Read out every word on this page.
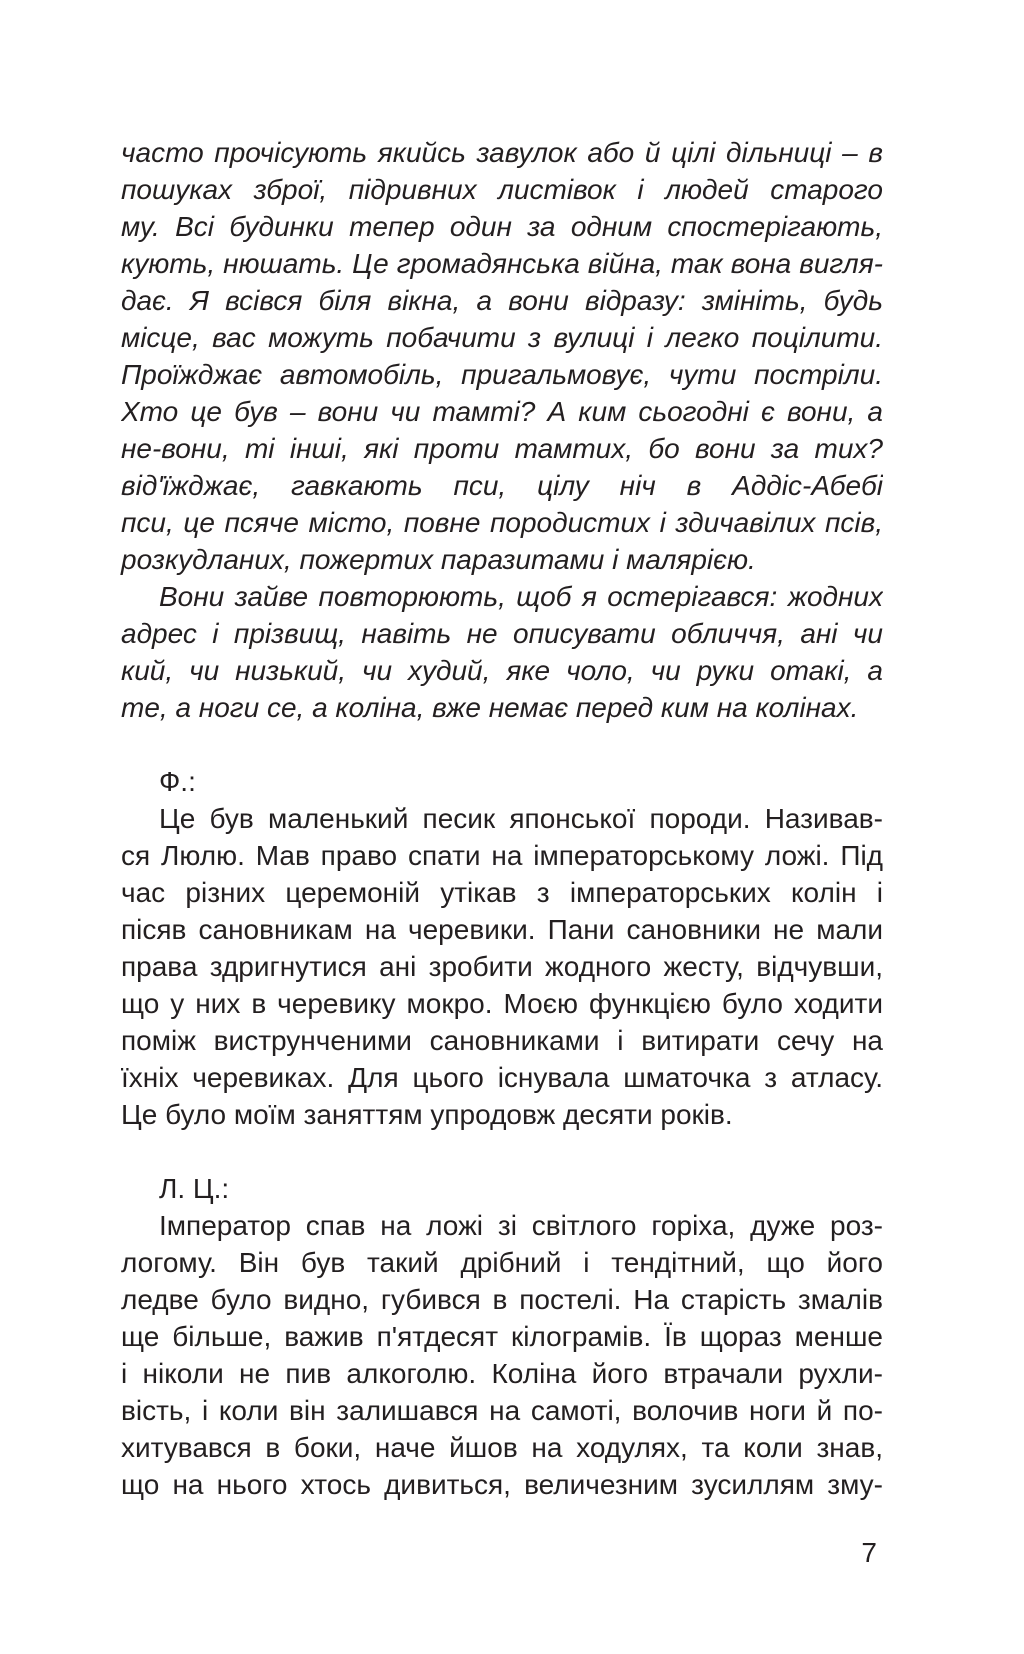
часто прочісують якийсь завулок або й цілі дільниці – в
пошуках зброї, підривних листівок і людей старого
му. Всі будинки тепер один за одним спостерігають,
кують, нюшать. Це громадянська війна, так вона вигля-
дає. Я всівся біля вікна, а вони відразу: змініть, будь
місце, вас можуть побачити з вулиці і легко поцілити.
Проїжджає автомобіль, пригальмовує, чути постріли.
Хто це був – вони чи тамті? А ким сьогодні є вони, а
не-вони, ті інші, які проти тамтих, бо вони за тих?
від'їжджає, гавкають пси, цілу ніч в Аддіс-Абебі
пси, це псяче місто, повне породистих і здичавілих псів,
розкудланих, пожертих паразитами і малярією.
Вони зайве повторюють, щоб я остерігався: жодних
адрес і прізвищ, навіть не описувати обличчя, ані чи
кий, чи низький, чи худий, яке чоло, чи руки отакі, а
те, а ноги се, а коліна, вже немає перед ким на колінах.
Ф.:
Це був маленький песик японської породи. Називав-
ся Люлю. Мав право спати на імператорському ложі. Під
час різних церемоній утікав з імператорських колін і
пісяв сановникам на черевики. Пани сановники не мали
права здригнутися ані зробити жодного жесту, відчувши,
що у них в черевику мокро. Моєю функцією було ходити
поміж виструнченими сановниками і витирати сечу на
їхніх черевиках. Для цього існувала шматочка з атласу.
Це було моїм заняттям упродовж десяти років.
Л. Ц.:
Імператор спав на ложі зі світлого горіха, дуже роз-
логому. Він був такий дрібний і тендітний, що його
ледве було видно, губився в постелі. На старість змалів
ще більше, важив п'ятдесят кілограмів. Їв щораз менше
і ніколи не пив алкоголю. Коліна його втрачали рухли-
вість, і коли він залишався на самоті, волочив ноги й по-
хитувався в боки, наче йшов на ходулях, та коли знав,
що на нього хтось дивиться, величезним зусиллям зму-
7
